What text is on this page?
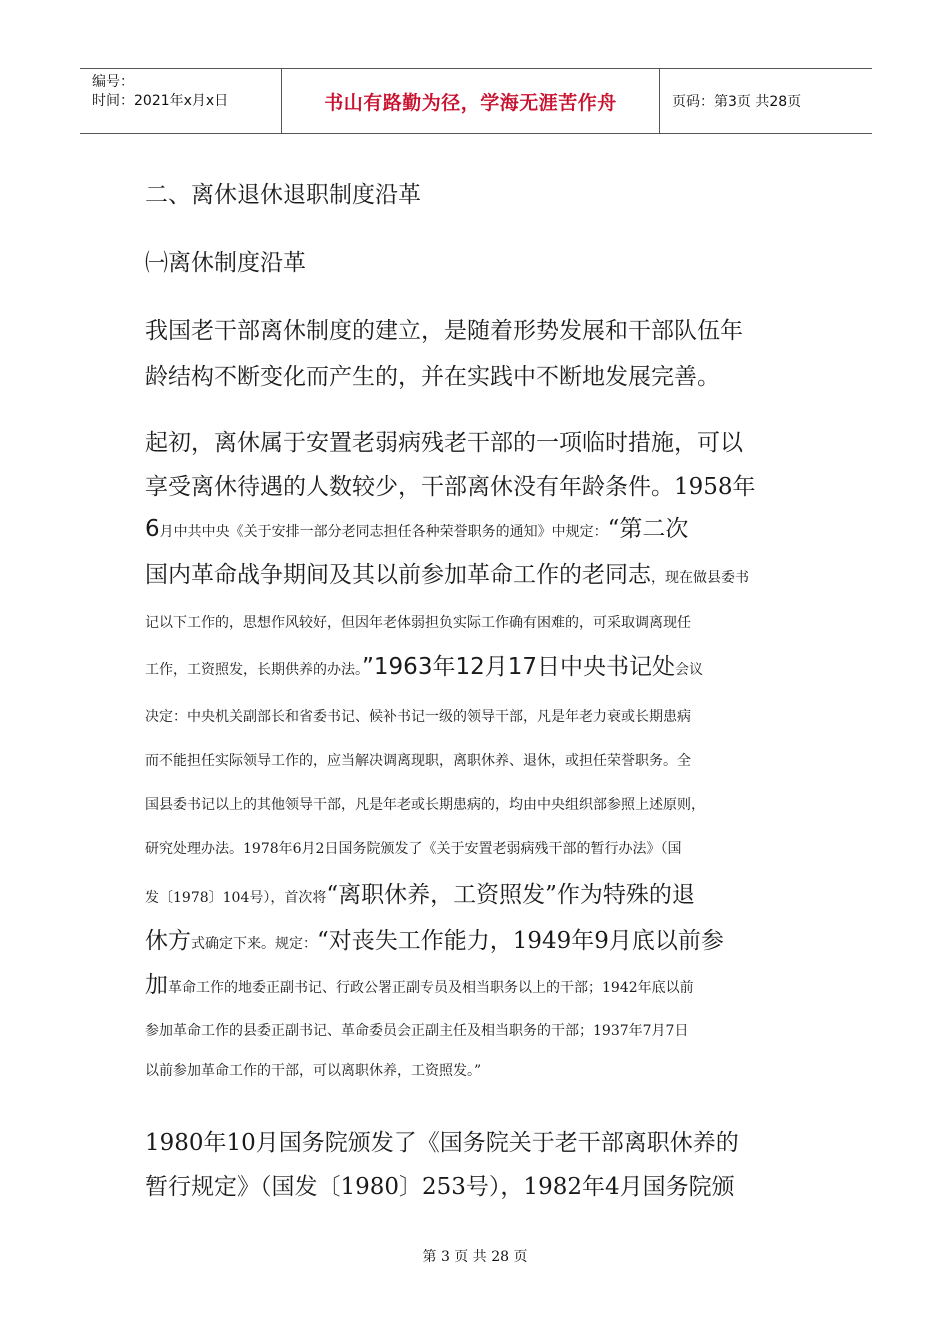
编号：
时间：2021年x月x日	书山有路勤为径，学海无涯苦作舟	页码：第3页 共28页
二、离休退休退职制度沿革
㈠离休制度沿革
我国老干部离休制度的建立，是随着形势发展和干部队伍年
龄结构不断变化而产生的，并在实践中不断地发展完善。
起初，离休属于安置老弱病残老干部的一项临时措施，可以
享受离休待遇的人数较少，干部离休没有年龄条件。1958年
6月中共中央《关于安排一部分老同志担任各种荣誉职务的通知》中规定：“第二次
国内革命战争期间及其以前参加革命工作的老同志，现在做县委书
记以下工作的，思想作风较好，但因年老体弱担负实际工作确有困难的，可采取调离现任
工作，工资照发，长期供养的办法。”1963年12月17日中央书记处会议
决定：中央机关副部长和省委书记、候补书记一级的领导干部，凡是年老力衰或长期患病
而不能担任实际领导工作的，应当解决调离现职，离职休养、退休，或担任荣誉职务。全
国县委书记以上的其他领导干部，凡是年老或长期患病的，均由中央组织部参照上述原则，
研究处理办法。1978年6月2日国务院颁发了《关于安置老弱病残干部的暂行办法》（国
发〔1978〕104号），首次将“离职休养，工资照发”作为特殊的退
休方式确定下来。规定：“对丧失工作能力，1949年9月底以前参
加革命工作的地委正副书记、行政公署正副专员及相当职务以上的干部；1942年底以前
参加革命工作的县委正副书记、革命委员会正副主任及相当职务的干部；1937年7月7日
以前参加革命工作的干部，可以离职休养，工资照发。”
1980年10月国务院颁发了《国务院关于老干部离职休养的
暂行规定》（国发〔1980〕253号），1982年4月国务院颁
第 3 页 共 28 页
